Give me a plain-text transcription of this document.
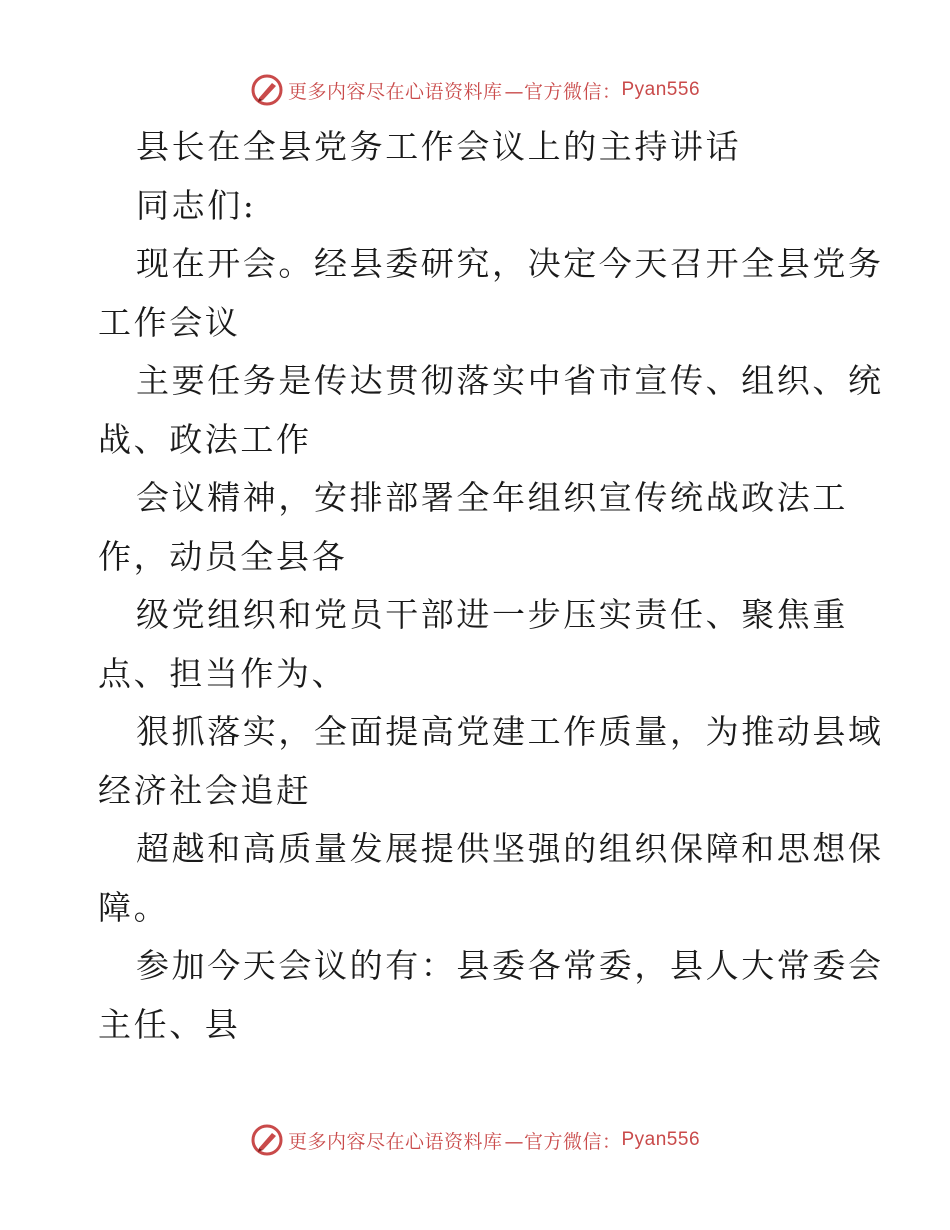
更多内容尽在心语资料库 —官方微信： Pyan556
县长在全县党务工作会议上的主持讲话
同志们:
现在开会。经县委研究，决定今天召开全县党务
工作会议
主要任务是传达贯彻落实中省市宣传、组织、统
战、政法工作
会议精神，安排部署全年组织宣传统战政法工
作，动员全县各
级党组织和党员干部进一步压实责任、聚焦重
点、担当作为、
狠抓落实，全面提高党建工作质量，为推动县域
经济社会追赶
超越和高质量发展提供坚强的组织保障和思想保
障。
参加今天会议的有：县委各常委，县人大常委会
主任、县
更多内容尽在心语资料库 —官方微信： Pyan556
